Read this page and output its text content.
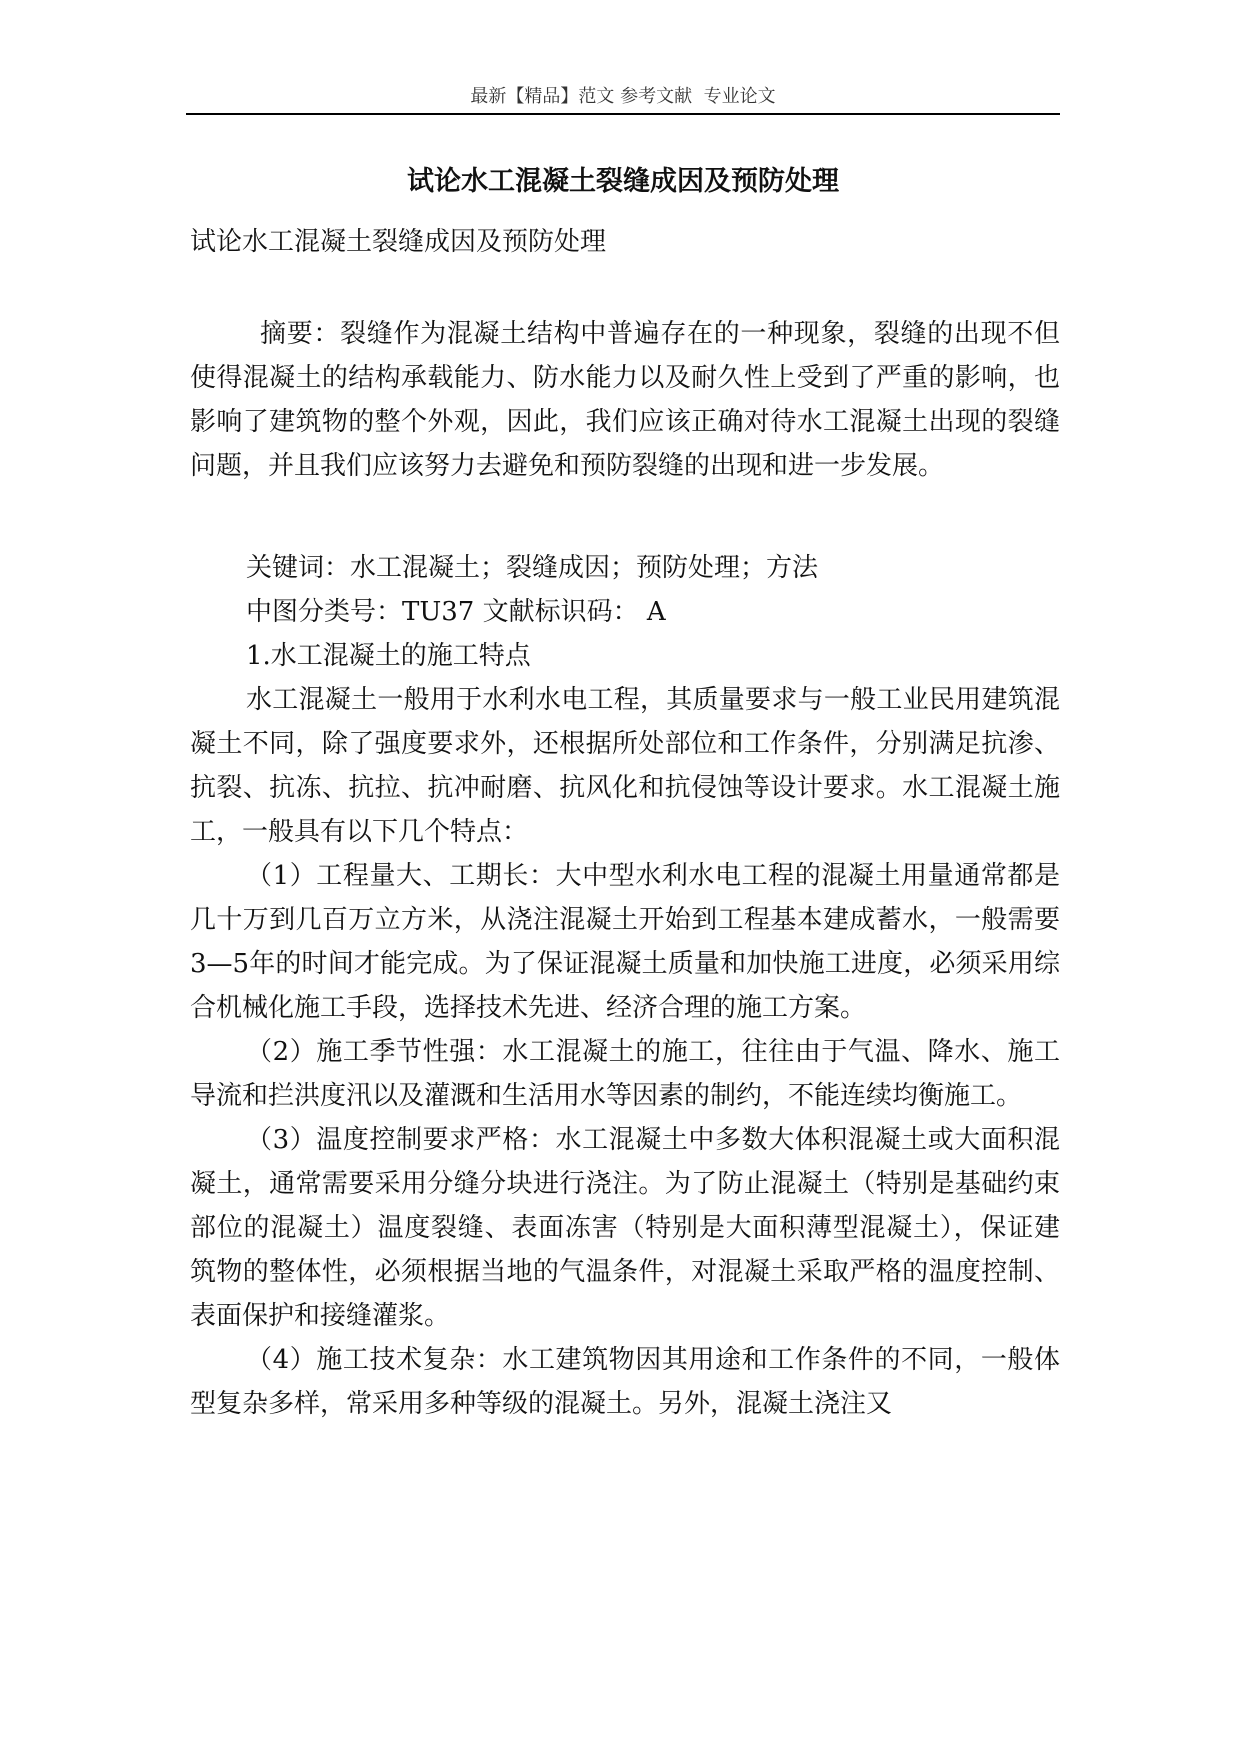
最新【精品】范文 参考文献  专业论文
试论水工混凝土裂缝成因及预防处理

试论水工混凝土裂缝成因及预防处理

摘要：裂缝作为混凝土结构中普遍存在的一种现象，裂缝的出现不但使得混凝土的结构承载能力、防水能力以及耐久性上受到了严重的影响，也影响了建筑物的整个外观，因此，我们应该正确对待水工混凝土出现的裂缝问题，并且我们应该努力去避免和预防裂缝的出现和进一步发展。

关键词：水工混凝土；裂缝成因；预防处理；方法

中图分类号：TU37 文献标识码： A

1.水工混凝土的施工特点

水工混凝土一般用于水利水电工程，其质量要求与一般工业民用建筑混凝土不同，除了强度要求外，还根据所处部位和工作条件，分别满足抗渗、抗裂、抗冻、抗拉、抗冲耐磨、抗风化和抗侵蚀等设计要求。水工混凝土施工，一般具有以下几个特点：

（1）工程量大、工期长：大中型水利水电工程的混凝土用量通常都是几十万到几百万立方米，从浇注混凝土开始到工程基本建成蓄水，一般需要3—5年的时间才能完成。为了保证混凝土质量和加快施工进度，必须采用综合机械化施工手段，选择技术先进、经济合理的施工方案。

（2）施工季节性强：水工混凝土的施工，往往由于气温、降水、施工导流和拦洪度汛以及灌溉和生活用水等因素的制约，不能连续均衡施工。

（3）温度控制要求严格：水工混凝土中多数大体积混凝土或大面积混凝土，通常需要采用分缝分块进行浇注。为了防止混凝土（特别是基础约束部位的混凝土）温度裂缝、表面冻害（特别是大面积薄型混凝土），保证建筑物的整体性，必须根据当地的气温条件，对混凝土采取严格的温度控制、表面保护和接缝灌浆。

（4）施工技术复杂：水工建筑物因其用途和工作条件的不同，一般体型复杂多样，常采用多种等级的混凝土。另外，混凝土浇注又
